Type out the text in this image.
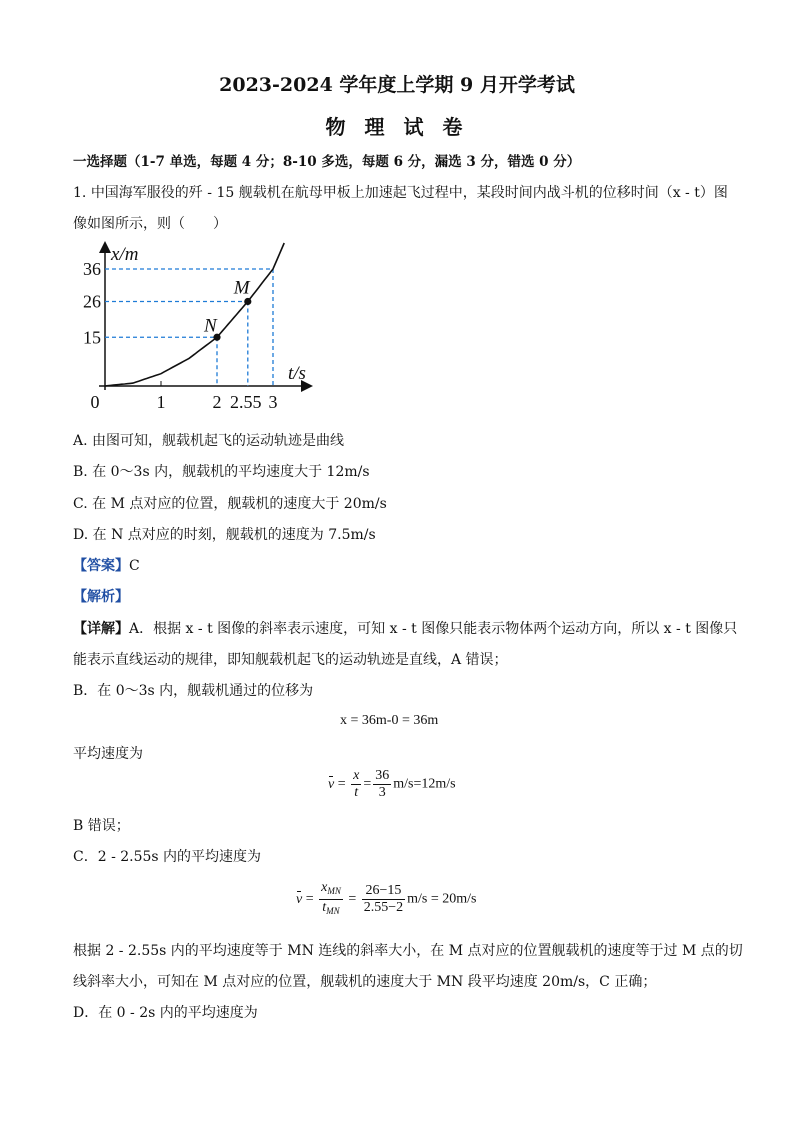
2023-2024 学年度上学期 9 月开学考试
物 理 试 卷
一选择题（1-7 单选，每题 4 分；8-10 多选，每题 6 分，漏选 3 分，错选 0 分）
1. 中国海军服役的歼 - 15 舰载机在航母甲板上加速起飞过程中，某段时间内战斗机的位移时间（x - t）图
像如图所示，则（　　）
N
M
1	2 2.55 3
15
26
36
0
x/m
t/s
A. 由图可知，舰载机起飞的运动轨迹是曲线
B. 在 0～3s 内，舰载机的平均速度大于 12m/s
C. 在 M 点对应的位置，舰载机的速度大于 20m/s
D. 在 N 点对应的时刻，舰载机的速度为 7.5m/s
【答案】C
【解析】
【详解】A．根据 x - t 图像的斜率表示速度，可知 x - t 图像只能表示物体两个运动方向，所以 x - t 图像只
能表示直线运动的规律，即知舰载机起飞的运动轨迹是直线，A 错误；
B．在 0～3s 内，舰载机通过的位移为
x = 36m-0 = 36m
平均速度为
$v = \frac{x}{t} = \frac{36}{3} m/s=12m/s$
B 错误；
C．2 - 2.55s 内的平均速度为
$v = \frac{x_{MN}}{t_{MN}} = \frac{26-15}{2.55-2} m/s = 20m/s$
根据 2 - 2.55s 内的平均速度等于 MN 连线的斜率大小，在 M 点对应的位置舰载机的速度等于过 M 点的切
线斜率大小，可知在 M 点对应的位置，舰载机的速度大于 MN 段平均速度 20m/s，C 正确；
D．在 0 - 2s 内的平均速度为
